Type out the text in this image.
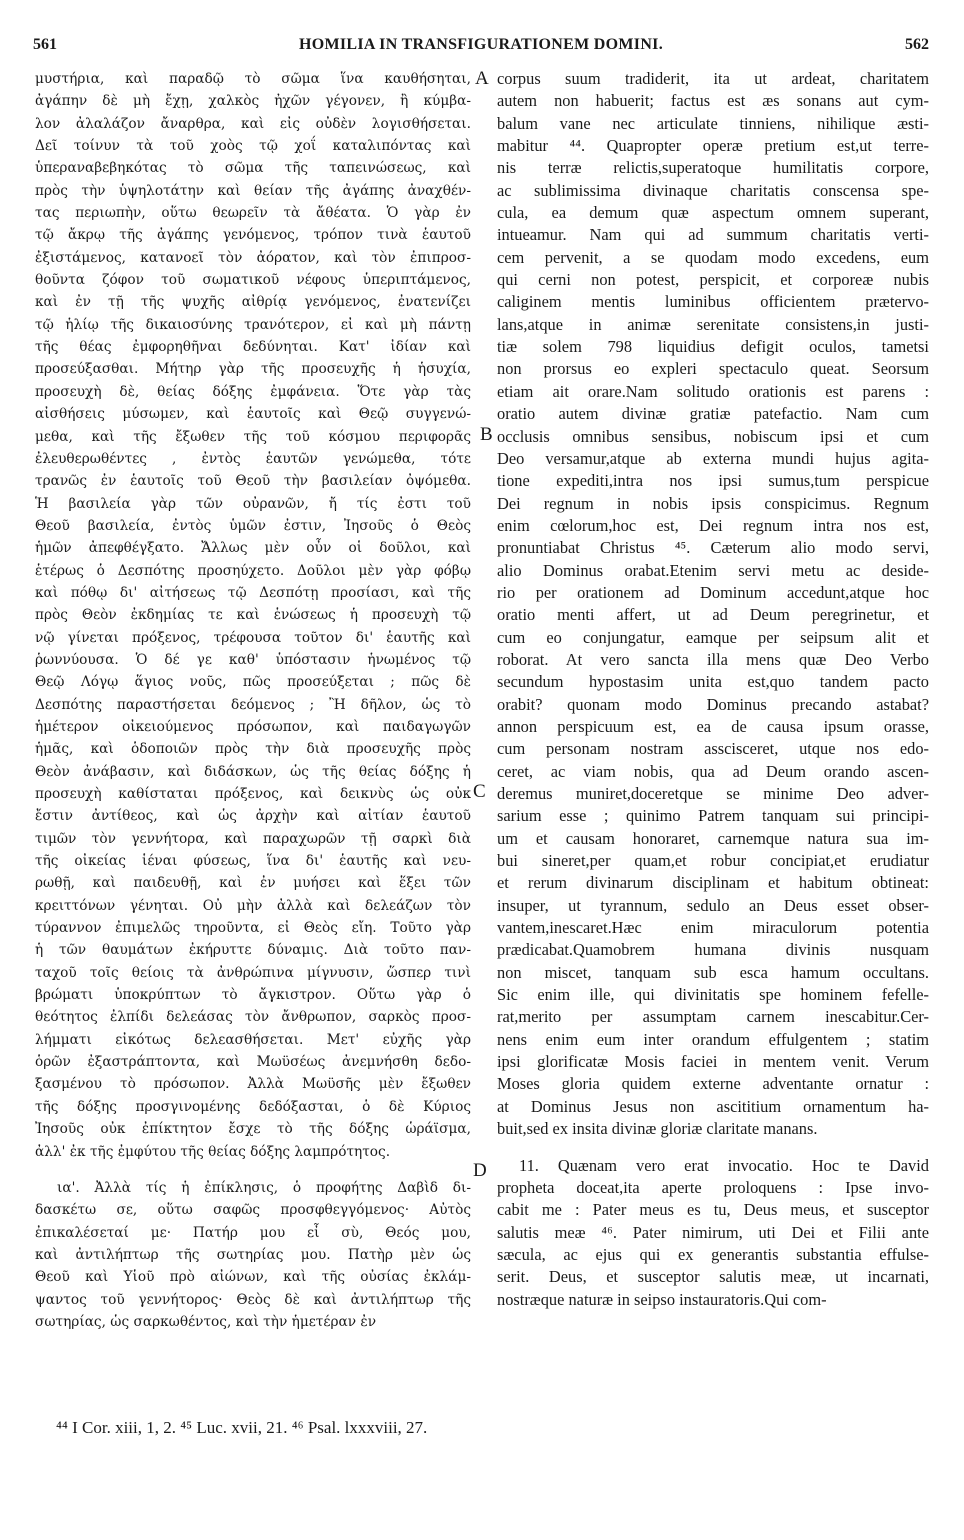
561	HOMILIA IN TRANSFIGURATIONEM DOMINI.	562
μυστήρια, καὶ παραδῷ τὸ σῶμα ἵνα καυθήσηται,
ἀγάπην δὲ μὴ ἔχῃ, χαλκὸς ἠχῶν γέγονεν, ἢ κύμβα-
λον ἀλαλάζον ἄναρθρα, καὶ εἰς οὐδὲν λογισθήσεται.
Δεῖ τοίνυν τὰ τοῦ χοὸς τῷ χοΐ καταλιπόντας καὶ
ὑπεραναβεβηκότας τὸ σῶμα τῆς ταπεινώσεως, καὶ
πρὸς τὴν ὑψηλοτάτην καὶ θείαν τῆς ἀγάπης ἀναχθέν-
τας περιωπὴν, οὕτω θεωρεῖν τὰ ἄθέατα. Ὁ γὰρ ἐν
τῷ ἄκρῳ τῆς ἀγάπης γενόμενος, τρόπον τινὰ ἑαυτοῦ
ἐξιστάμενος, κατανοεῖ τὸν ἀόρατον, καὶ τὸν ἐπιπροσ-
θοῦντα ζόφον τοῦ σωματικοῦ νέφους ὑπεριπτάμενος,
καὶ ἐν τῇ τῆς ψυχῆς αἰθρίᾳ γενόμενος, ἐνατενίζει
τῷ ἡλίῳ τῆς δικαιοσύνης τρανότερον, εἰ καὶ μὴ πάντῃ
τῆς θέας ἐμφορηθῆναι δεδύνηται. Κατ' ἰδίαν καὶ
προσεύξασθαι. Μήτηρ γὰρ τῆς προσευχῆς ἡ ἡσυχία,
προσευχὴ δὲ, θείας δόξης ἐμφάνεια. Ὅτε γὰρ τὰς
αἰσθήσεις μύσωμεν, καὶ ἑαυτοῖς καὶ Θεῷ συγγενώ-
μεθα, καὶ τῆς ἔξωθεν τῆς τοῦ κόσμου περιφορᾶς
ἐλευθερωθέντες , ἐντὸς ἑαυτῶν γενώμεθα, τότε
τρανῶς ἐν ἑαυτοῖς τοῦ Θεοῦ τὴν βασιλείαν ὀψόμεθα.
Ἡ βασιλεία γὰρ τῶν οὐρανῶν, ἤ τίς ἐστι τοῦ
Θεοῦ βασιλεία, ἐντὸς ὑμῶν ἐστιν, Ἰησοῦς ὁ Θεὸς
ἡμῶν ἀπεφθέγξατο. Ἄλλως μὲν οὖν οἱ δοῦλοι, καὶ
ἑτέρως ὁ Δεσπότης προσηύχετο. Δοῦλοι μὲν γὰρ φόβῳ
καὶ πόθῳ δι' αἰτήσεως τῷ Δεσπότῃ προσίασι, καὶ τῆς
πρὸς Θεὸν ἐκδημίας τε καὶ ἑνώσεως ἡ προσευχὴ τῷ
νῷ γίνεται πρόξενος, τρέφουσα τοῦτον δι' ἑαυτῆς καὶ
ῥωννύουσα. Ὁ δέ γε καθ' ὑπόστασιν ἡνωμένος τῷ
Θεῷ Λόγῳ ἅγιος νοῦς, πῶς προσεύξεται ; πῶς δὲ
Δεσπότης παραστήσεται δεόμενος ; Ἢ δῆλον, ὡς τὸ
ἡμέτερον οἰκειούμενος πρόσωπον, καὶ παιδαγωγῶν
ἡμᾶς, καὶ ὁδοποιῶν πρὸς τὴν διὰ προσευχῆς πρὸς
Θεὸν ἀνάβασιν, καὶ διδάσκων, ὡς τῆς θείας δόξης ἡ
προσευχὴ καθίσταται πρόξενος, καὶ δεικνὺς ὡς οὐκ
ἔστιν ἀντίθεος, καὶ ὡς ἀρχὴν καὶ αἰτίαν ἑαυτοῦ
τιμῶν τὸν γεννήτορα, καὶ παραχωρῶν τῇ σαρκὶ διὰ
τῆς οἰκείας ἱέναι φύσεως, ἵνα δι' ἑαυτῆς καὶ νευ-
ρωθῇ, καὶ παιδευθῇ, καὶ ἐν μυήσει καὶ ἕξει τῶν
κρειττόνων γένηται. Οὐ μὴν ἀλλὰ καὶ δελεάζων τὸν
τύραννον ἐπιμελῶς τηροῦντα, εἰ Θεὸς εἴη. Τοῦτο γὰρ
ἡ τῶν θαυμάτων ἐκήρυττε δύναμις. Διὰ τοῦτο παν-
ταχοῦ τοῖς θείοις τὰ ἀνθρώπινα μίγνυσιν, ὥσπερ τινὶ
βρώματι ὑποκρύπτων τὸ ἄγκιστρον. Οὕτω γὰρ ὁ
θεότητος ἐλπίδι δελεάσας τὸν ἄνθρωπον, σαρκὸς προσ-
λήμματι εἰκότως δελεασθήσεται. Μετ' εὐχῆς γὰρ
ὁρῶν ἐξαστράπτοντα, καὶ Μωϋσέως ἀνεμνήσθη δεδο-
ξασμένου τὸ πρόσωπον. Ἀλλὰ Μωϋσῆς μὲν ἔξωθεν
τῆς δόξης προσγινομένης δεδόξασται, ὁ δὲ Κύριος
Ἰησοῦς οὐκ ἐπίκτητον ἔσχε τὸ τῆς δόξης ὡράϊσμα,
ἀλλ' ἐκ τῆς ἐμφύτου τῆς θείας δόξης λαμπρότητος.
ια'. Ἀλλὰ τίς ἡ ἐπίκλησις, ὁ προφήτης Δαβὶδ δι-
δασκέτω σε, οὕτω σαφῶς προσφθεγγόμενος· Αὐτὸς
ἐπικαλέσεταί με· Πατήρ μου εἶ σὺ, Θεός μου,
καὶ ἀντιλήπτωρ τῆς σωτηρίας μου. Πατὴρ μὲν ὡς
Θεοῦ καὶ Υἱοῦ πρὸ αἰώνων, καὶ τῆς οὐσίας ἐκλάμ-
ψαντος τοῦ γεννήτορος· Θεὸς δὲ καὶ ἀντιλήπτωρ τῆς
σωτηρίας, ὡς σαρκωθέντος, καὶ τὴν ἡμετέραν ἐν
corpus suum tradiderit, ita ut ardeat, charitatem
autem non habuerit; factus est æs sonans aut cym-
balum vane nec articulate tinniens, nihilique æsti-
mabitur ⁴⁴. Quapropter operæ pretium est,ut terre-
nis terræ relictis,superatoque humilitatis corpore,
ac sublimissima divinaque charitatis conscensa spe-
cula, ea demum quæ aspectum omnem superant,
intueamur. Nam qui ad summum charitatis verti-
cem pervenit, a se quodam modo excedens, eum
qui cerni non potest, perspicit, et corporeæ nubis
caliginem mentis luminibus officientem prætervo-
lans,atque in animæ serenitate consistens,in justi-
tiæ solem 798 liquidius defigit oculos, tametsi
non prorsus eo expleri spectaculo queat. Seorsum
etiam ait orare.Nam solitudo orationis est parens :
oratio autem divinæ gratiæ patefactio. Nam cum
occlusis omnibus sensibus, nobiscum ipsi et cum
Deo versamur,atque ab externa mundi hujus agita-
tione expediti,intra nos ipsi sumus,tum perspicue
Dei regnum in nobis ipsis conspicimus. Regnum
enim cœlorum,hoc est, Dei regnum intra nos est,
pronuntiabat Christus ⁴⁵. Cæterum alio modo servi,
alio Dominus orabat.Etenim servi metu ac deside-
rio per orationem ad Dominum accedunt,atque hoc
oratio menti affert, ut ad Deum peregrinetur, et
cum eo conjungatur, eamque per seipsum alit et
roborat. At vero sancta illa mens quæ Deo Verbo
secundum hypostasim unita est,quo tandem pacto
orabit? quonam modo Dominus precando astabat?
annon perspicuum est, ea de causa ipsum orasse,
cum personam nostram asscisceret, utque nos edo-
ceret, ac viam nobis, qua ad Deum orando ascen-
deremus muniret,doceretque se minime Deo adver-
sarium esse ; quinimo Patrem tanquam sui principi-
um et causam honoraret, carnemque natura sua im-
bui sineret,per quam,et robur concipiat,et erudiatur
et rerum divinarum disciplinam et habitum obtineat:
insuper, ut tyrannum, sedulo an Deus esset obser-
vantem,inescaret.Hæc enim miraculorum potentia
prædicabat.Quamobrem humana divinis nusquam
non miscet, tanquam sub esca hamum occultans.
Sic enim ille, qui divinitatis spe hominem fefelle-
rat,merito per assumptam carnem inescabitur.Cer-
nens enim eum inter orandum effulgentem ; statim
ipsi glorificatæ Mosis faciei in mentem venit. Verum
Moses gloria quidem externe adventante ornatur :
at Dominus Jesus non ascititium ornamentum ha-
buit,sed ex insita divinæ gloriæ claritate manans.
11. Quænam vero erat invocatio. Hoc te David
propheta doceat,ita aperte proloquens : Ipse invo-
cabit me : Pater meus es tu, Deus meus, et susceptor
salutis meæ ⁴⁶. Pater nimirum, uti Dei et Filii ante
sæcula, ac ejus qui ex generantis substantia effulse-
serit. Deus, et susceptor salutis meæ, ut incarnati,
nostræque naturæ in seipso instauratoris.Qui com-
A
B
C
D
⁴⁴ I Cor. xiii, 1, 2. ⁴⁵ Luc. xvii, 21. ⁴⁶ Psal. lxxxviii, 27.
